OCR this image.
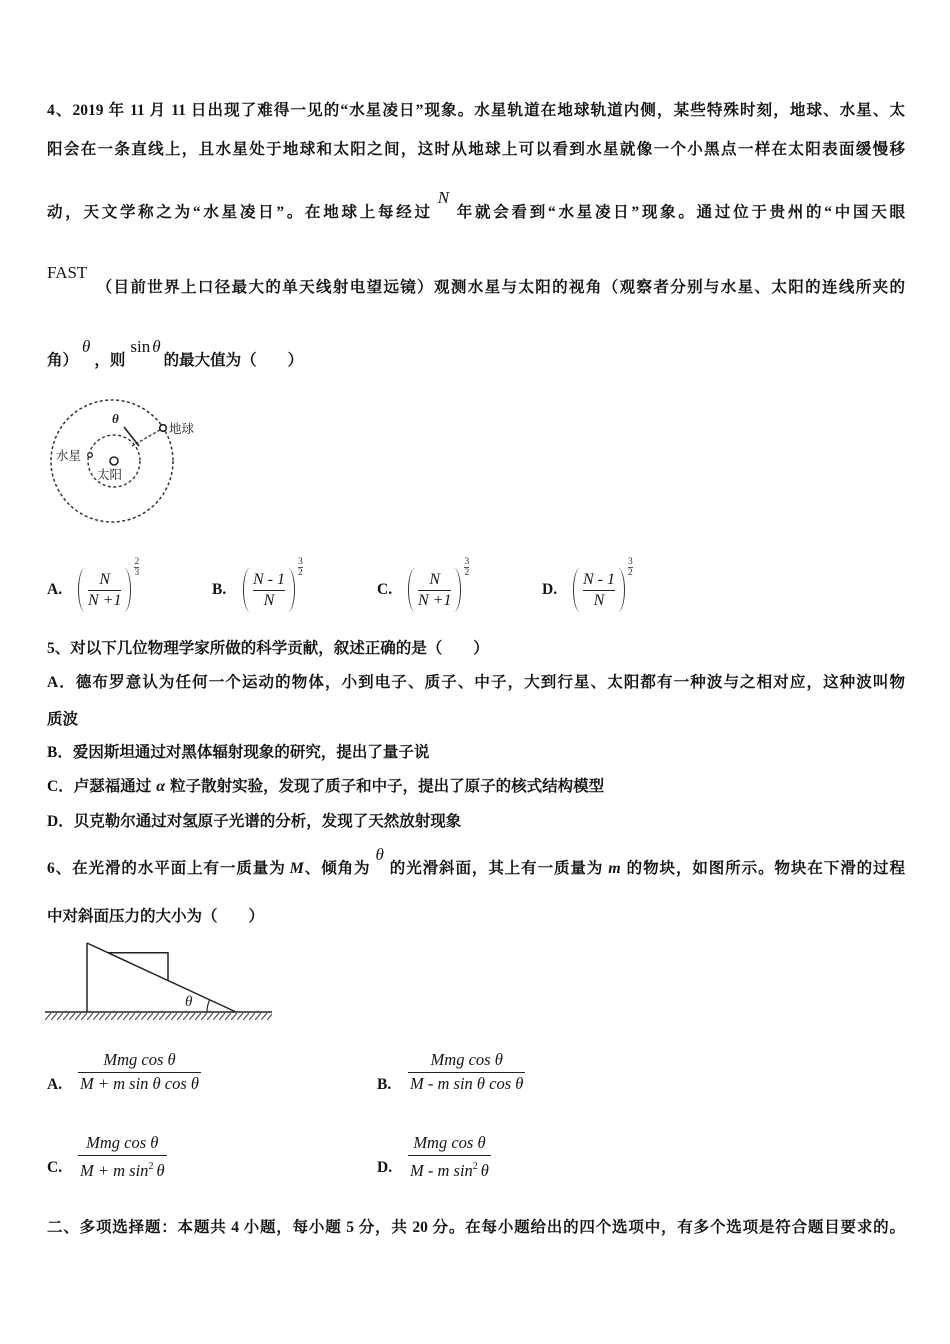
4、2019 年 11 月 11 日出现了难得一见的“水星凌日”现象。水星轨道在地球轨道内侧，某些特殊时刻，地球、水星、太
阳会在一条直线上，且水星处于地球和太阳之间，这时从地球上可以看到水星就像一个小黑点一样在太阳表面缓慢移
动，天文学称之为“水星凌日”。在地球上每经过N年就会看到“水星凌日”现象。通过位于贵州的“中国天眼
FAST（目前世界上口径最大的单天线射电望远镜）观测水星与太阳的视角（观察者分别与水星、太阳的连线所夹的
角）θ，则sin θ的最大值为（　　）
水星
太阳
地球
θ
A.	$\frac{N}{N +1}$
2
3
B.	$\frac{N - 1}{N}$
3
2
C.	$\frac{N}{N +1}$
3
2
D.	$\frac{N - 1}{N}$
3
2
5、对以下几位物理学家所做的科学贡献，叙述正确的是（　　）
A．德布罗意认为任何一个运动的物体，小到电子、质子、中子，大到行星、太阳都有一种波与之相对应，这种波叫物
质波
B．爱因斯坦通过对黑体辐射现象的研究，提出了量子说
C．卢瑟福通过 α 粒子散射实验，发现了质子和中子，提出了原子的核式结构模型
D．贝克勒尔通过对氢原子光谱的分析，发现了天然放射现象
6、在光滑的水平面上有一质量为 M、倾角为θ的光滑斜面，其上有一质量为 m 的物块，如图所示。物块在下滑的过程
中对斜面压力的大小为（　　）
θ
A.
Mmg cos θ
M + m sin θ cos θ	B.
Mmg cos θ
M - m sin θ cos θ
C.
Mmg cos θ
M + m $\sin^2 \theta$	D.
Mmg cos θ
M - m $\sin^2 \theta$
二、多项选择题：本题共 4 小题，每小题 5 分，共 20 分。在每小题给出的四个选项中，有多个选项是符合题目要求的。
